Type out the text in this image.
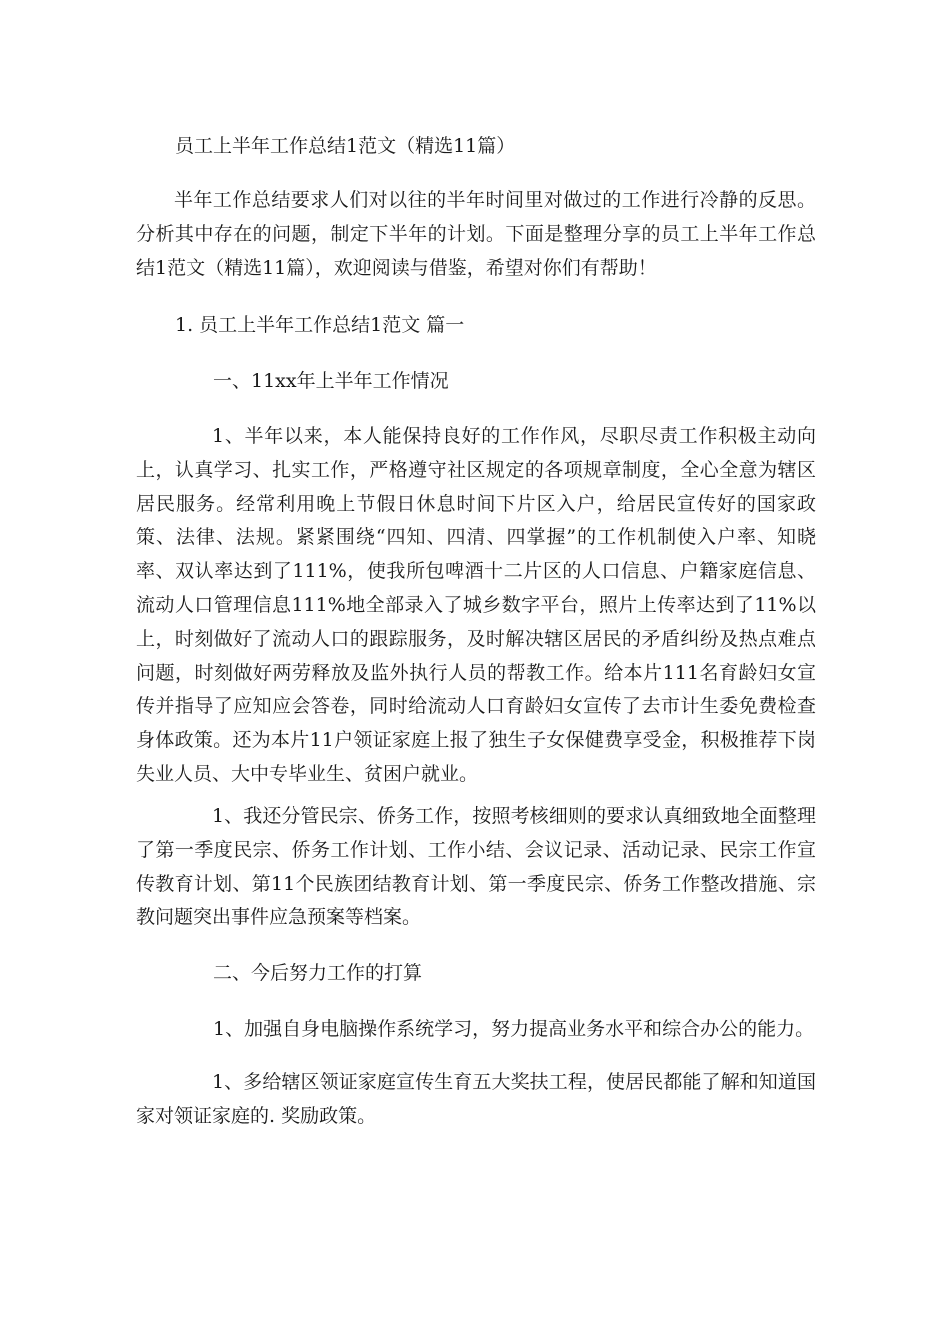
员工上半年工作总结1范文（精选11篇）

半年工作总结要求人们对以往的半年时间里对做过的工作进行冷静的反思。分析其中存在的问题，制定下半年的计划。下面是整理分享的员工上半年工作总结1范文（精选11篇），欢迎阅读与借鉴，希望对你们有帮助！

1. 员工上半年工作总结1范文 篇一

一、11xx年上半年工作情况

1、半年以来，本人能保持良好的工作作风，尽职尽责工作积极主动向上，认真学习、扎实工作，严格遵守社区规定的各项规章制度，全心全意为辖区居民服务。经常利用晚上节假日休息时间下片区入户，给居民宣传好的国家政策、法律、法规。紧紧围绕“四知、四清、四掌握”的工作机制使入户率、知晓率、双认率达到了111%，使我所包啤酒十二片区的人口信息、户籍家庭信息、流动人口管理信息111%地全部录入了城乡数字平台，照片上传率达到了11%以上，时刻做好了流动人口的跟踪服务，及时解决辖区居民的矛盾纠纷及热点难点问题，时刻做好两劳释放及监外执行人员的帮教工作。给本片111名育龄妇女宣传并指导了应知应会答卷，同时给流动人口育龄妇女宣传了去市计生委免费检查身体政策。还为本片11户领证家庭上报了独生子女保健费享受金，积极推荐下岗失业人员、大中专毕业生、贫困户就业。

1、我还分管民宗、侨务工作，按照考核细则的要求认真细致地全面整理了第一季度民宗、侨务工作计划、工作小结、会议记录、活动记录、民宗工作宣传教育计划、第11个民族团结教育计划、第一季度民宗、侨务工作整改措施、宗教问题突出事件应急预案等档案。

二、今后努力工作的打算

1、加强自身电脑操作系统学习，努力提高业务水平和综合办公的能力。

1、多给辖区领证家庭宣传生育五大奖扶工程，使居民都能了解和知道国家对领证家庭的. 奖励政策。
